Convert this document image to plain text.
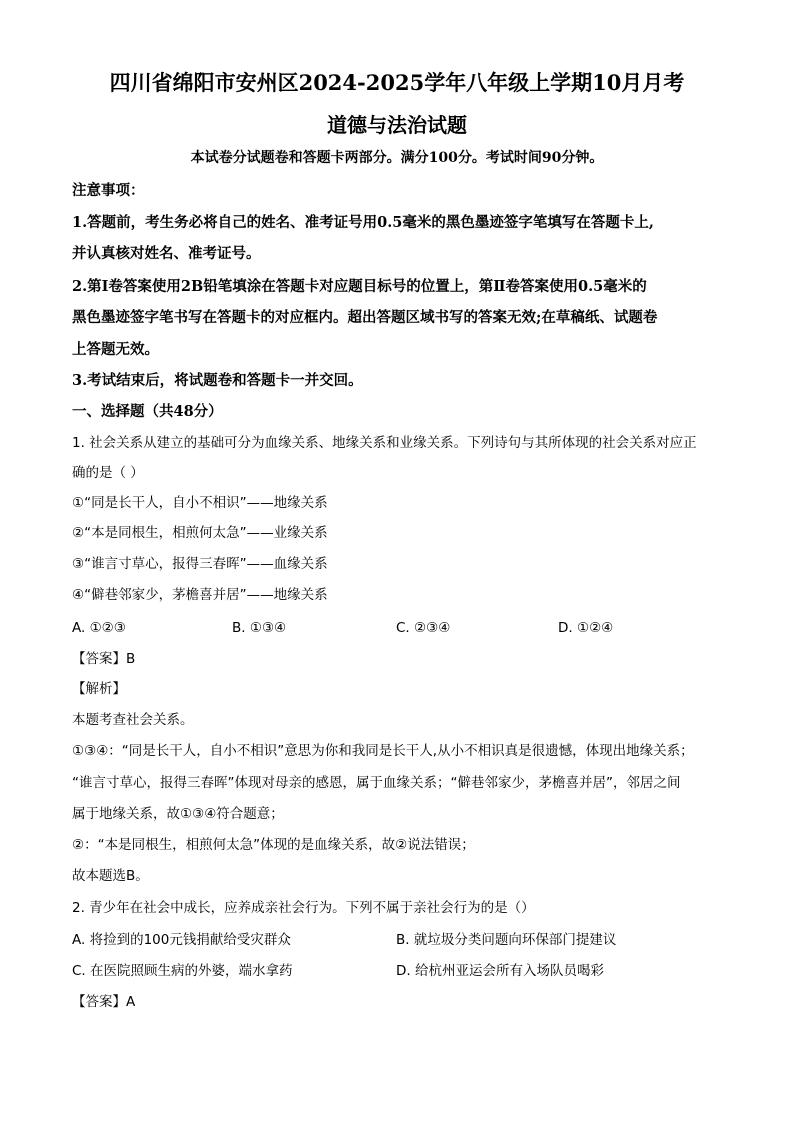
四川省绵阳市安州区2024-2025学年八年级上学期10月月考
道德与法治试题
本试卷分试题卷和答题卡两部分。满分100分。考试时间90分钟。
注意事项：
1.答题前，考生务必将自己的姓名、准考证号用0.5毫米的黑色墨迹签字笔填写在答题卡上,
并认真核对姓名、准考证号。
2.第I卷答案使用2B铅笔填涂在答题卡对应题目标号的位置上，第Ⅱ卷答案使用0.5毫米的
黑色墨迹签字笔书写在答题卡的对应框内。超出答题区域书写的答案无效;在草稿纸、试题卷
上答题无效。
3.考试结束后，将试题卷和答题卡一并交回。
一、选择题（共48分）
1. 社会关系从建立的基础可分为血缘关系、地缘关系和业缘关系。下列诗句与其所体现的社会关系对应正
确的是（ ）
①“同是长干人，自小不相识”——地缘关系
②“本是同根生，相煎何太急”——业缘关系
③“谁言寸草心，报得三春晖”——血缘关系
④“僻巷邻家少，茅檐喜并居”——地缘关系
A. ①②③	B. ①③④	C. ②③④	D. ①②④
【答案】B
【解析】
本题考查社会关系。
①③④：“同是长干人，自小不相识”意思为你和我同是长干人,从小不相识真是很遗憾，体现出地缘关系；
“谁言寸草心，报得三春晖”体现对母亲的感恩，属于血缘关系；“僻巷邻家少，茅檐喜并居”，邻居之间
属于地缘关系，故①③④符合题意；
②：“本是同根生，相煎何太急”体现的是血缘关系，故②说法错误；
故本题选B。
2. 青少年在社会中成长，应养成亲社会行为。下列不属于亲社会行为的是（）
A. 将捡到的100元钱捐献给受灾群众	B. 就垃圾分类问题向环保部门提建议
C. 在医院照顾生病的外婆，端水拿药	D. 给杭州亚运会所有入场队员喝彩
【答案】A
